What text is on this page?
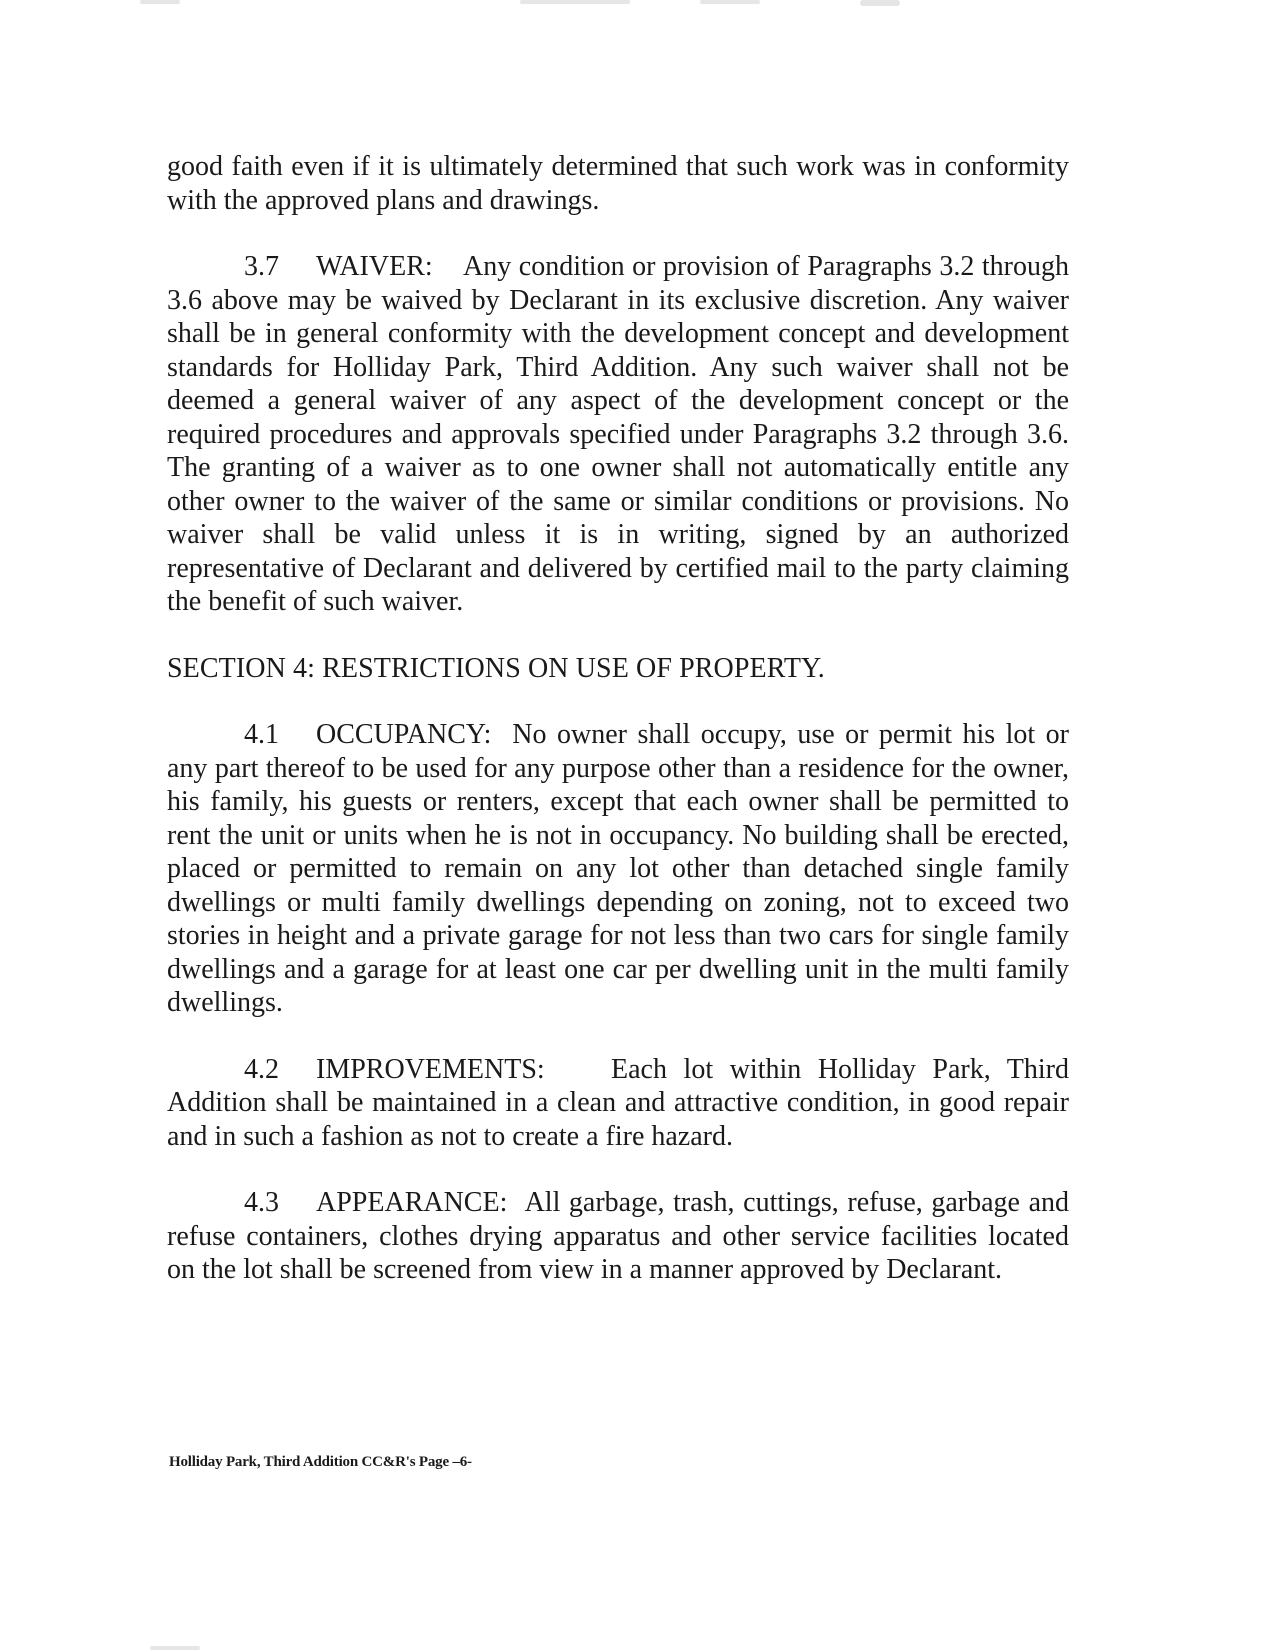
good faith even if it is ultimately determined that such work was in conformity with the approved plans and drawings.

3.7 WAIVER: Any condition or provision of Paragraphs 3.2 through 3.6 above may be waived by Declarant in its exclusive discretion. Any waiver shall be in general conformity with the development concept and development standards for Holliday Park, Third Addition. Any such waiver shall not be deemed a general waiver of any aspect of the development concept or the required procedures and approvals specified under Paragraphs 3.2 through 3.6. The granting of a waiver as to one owner shall not automatically entitle any other owner to the waiver of the same or similar conditions or provisions. No waiver shall be valid unless it is in writing, signed by an authorized representative of Declarant and delivered by certified mail to the party claiming the benefit of such waiver.

SECTION 4: RESTRICTIONS ON USE OF PROPERTY.

4.1 OCCUPANCY: No owner shall occupy, use or permit his lot or any part thereof to be used for any purpose other than a residence for the owner, his family, his guests or renters, except that each owner shall be permitted to rent the unit or units when he is not in occupancy. No building shall be erected, placed or permitted to remain on any lot other than detached single family dwellings or multi family dwellings depending on zoning, not to exceed two stories in height and a private garage for not less than two cars for single family dwellings and a garage for at least one car per dwelling unit in the multi family dwellings.

4.2 IMPROVEMENTS: Each lot within Holliday Park, Third Addition shall be maintained in a clean and attractive condition, in good repair and in such a fashion as not to create a fire hazard.

4.3 APPEARANCE: All garbage, trash, cuttings, refuse, garbage and refuse containers, clothes drying apparatus and other service facilities located on the lot shall be screened from view in a manner approved by Declarant.

Holliday Park, Third Addition CC&R's Page –6-
